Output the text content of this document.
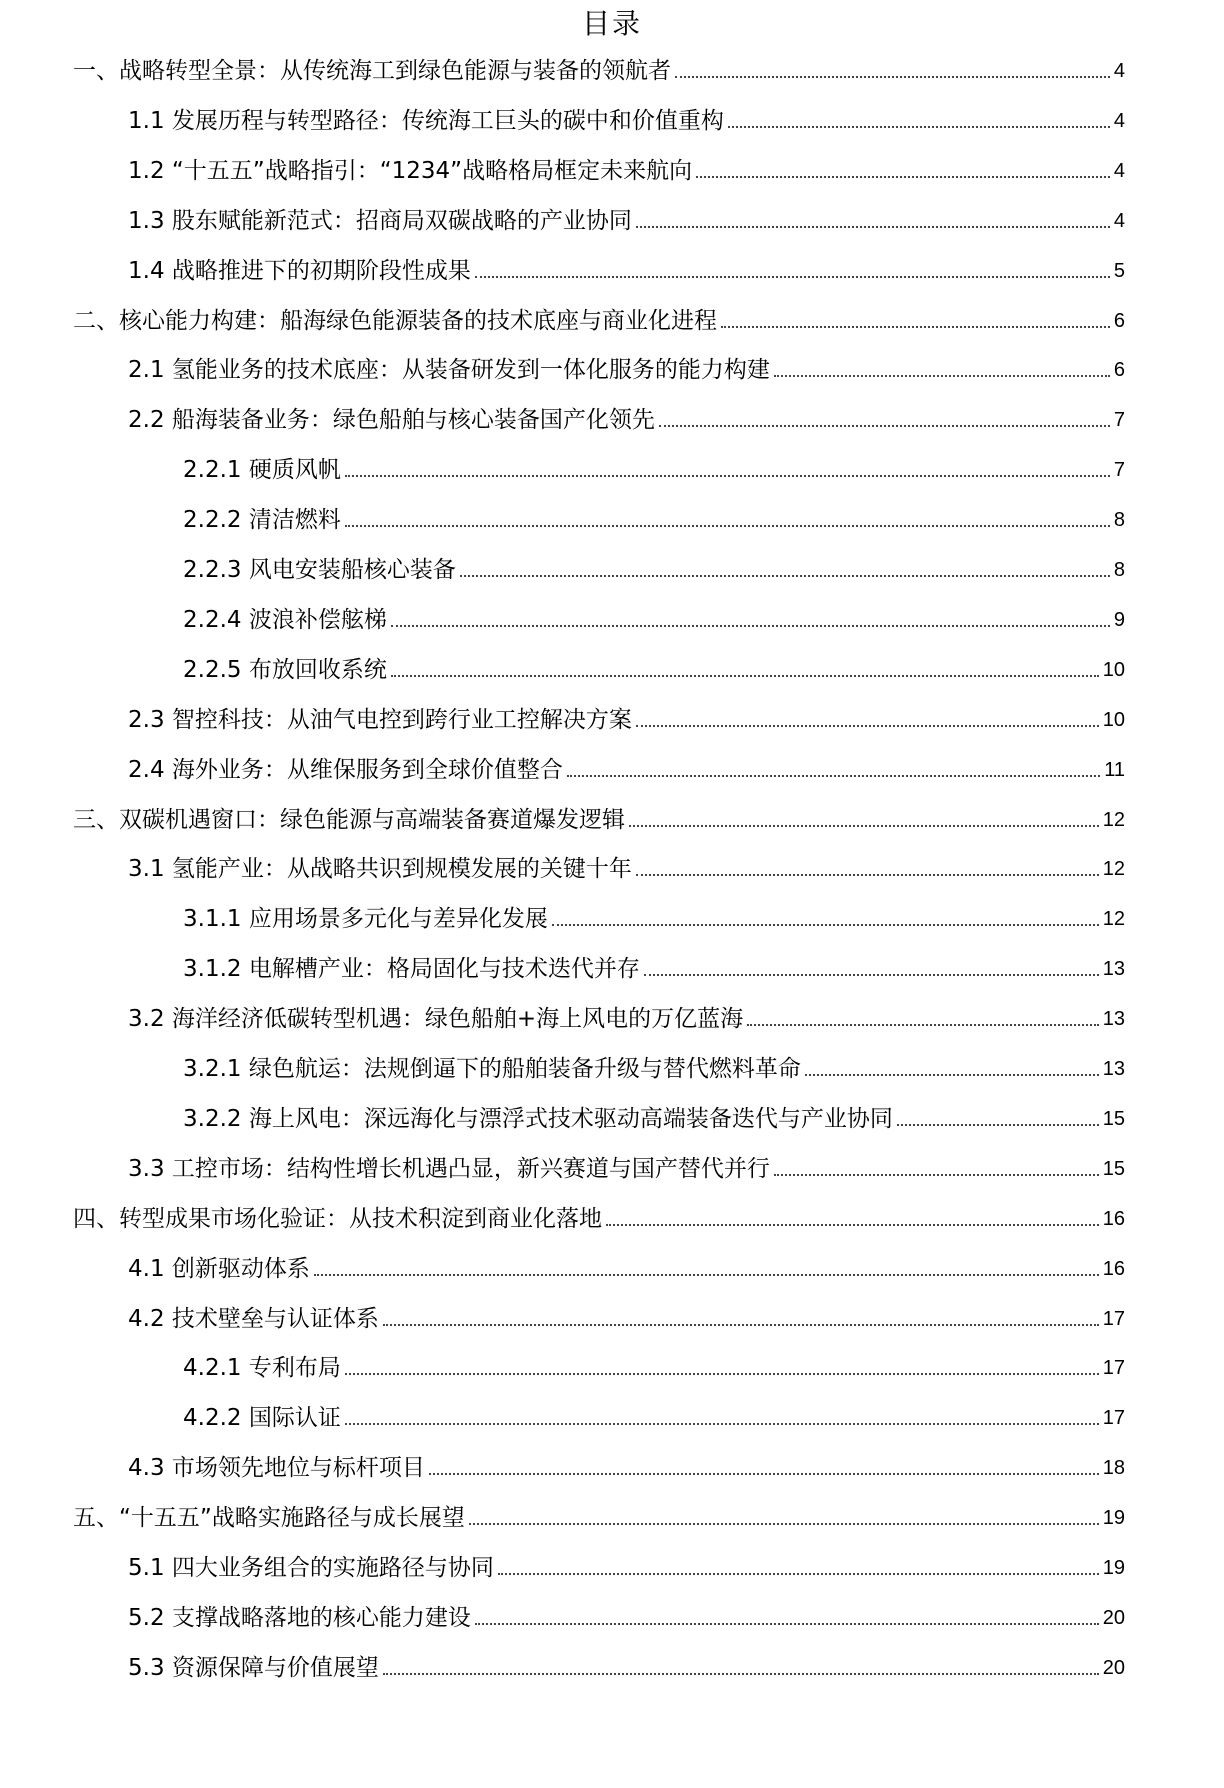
目录
一、战略转型全景：从传统海工到绿色能源与装备的领航者	4
1.1 发展历程与转型路径：传统海工巨头的碳中和价值重构	4
1.2 “十五五”战略指引：“1234”战略格局框定未来航向	4
1.3 股东赋能新范式：招商局双碳战略的产业协同	4
1.4 战略推进下的初期阶段性成果	5
二、核心能力构建：船海绿色能源装备的技术底座与商业化进程	6
2.1 氢能业务的技术底座：从装备研发到一体化服务的能力构建	6
2.2 船海装备业务：绿色船舶与核心装备国产化领先	7
2.2.1 硬质风帆	7
2.2.2 清洁燃料	8
2.2.3 风电安装船核心装备	8
2.2.4 波浪补偿舷梯	9
2.2.5 布放回收系统	10
2.3 智控科技：从油气电控到跨行业工控解决方案	10
2.4 海外业务：从维保服务到全球价值整合	11
三、双碳机遇窗口：绿色能源与高端装备赛道爆发逻辑	12
3.1 氢能产业：从战略共识到规模发展的关键十年	12
3.1.1 应用场景多元化与差异化发展	12
3.1.2 电解槽产业：格局固化与技术迭代并存	13
3.2 海洋经济低碳转型机遇：绿色船舶+海上风电的万亿蓝海	13
3.2.1 绿色航运：法规倒逼下的船舶装备升级与替代燃料革命	13
3.2.2 海上风电：深远海化与漂浮式技术驱动高端装备迭代与产业协同	15
3.3 工控市场：结构性增长机遇凸显，新兴赛道与国产替代并行	15
四、转型成果市场化验证：从技术积淀到商业化落地	16
4.1 创新驱动体系	16
4.2 技术壁垒与认证体系	17
4.2.1 专利布局	17
4.2.2 国际认证	17
4.3 市场领先地位与标杆项目	18
五、“十五五”战略实施路径与成长展望	19
5.1 四大业务组合的实施路径与协同	19
5.2 支撑战略落地的核心能力建设	20
5.3 资源保障与价值展望	20
